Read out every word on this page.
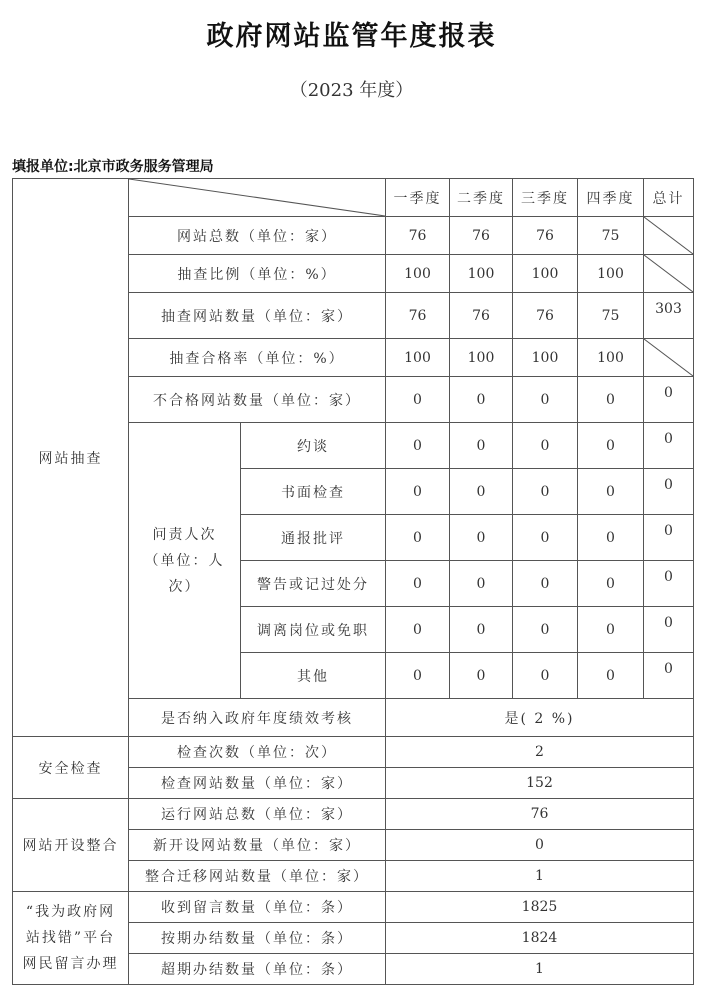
政府网站监管年度报表
（2023 年度）
填报单位:北京市政务服务管理局
网站抽查			一季度	二季度	三季度	四季度	总计
	网站总数（单位：家）		76	76	76	75	

	抽查比例（单位：%）		100	100	100	100	

	抽查网站数量（单位：家）		76	76	76	75	303
	抽查合格率（单位：%）		100	100	100	100	

	不合格网站数量（单位：家）		0	0	0	0	0

	问责人次
（单位：人
次）	约谈	0	0	0	0	0
		书面检查	0	0	0	0	0
		通报批评	0	0	0	0	0
		警告或记过处分	0	0	0	0	0
		调离岗位或免职	0	0	0	0	0
		其他	0	0	0	0	0
	是否纳入政府年度绩效考核		是( 2 %)				
安全检查	检查次数（单位：次）		2				
	检查网站数量（单位：家）		152				
网站开设整合	运行网站总数（单位：家）		76				
	新开设网站数量（单位：家）		0				
	整合迁移网站数量（单位：家）		1				

“我为政府网
站找错”平台
网民留言办理	收到留言数量（单位：条）		1825				
	按期办结数量（单位：条）		1824				
	超期办结数量（单位：条）		1				
